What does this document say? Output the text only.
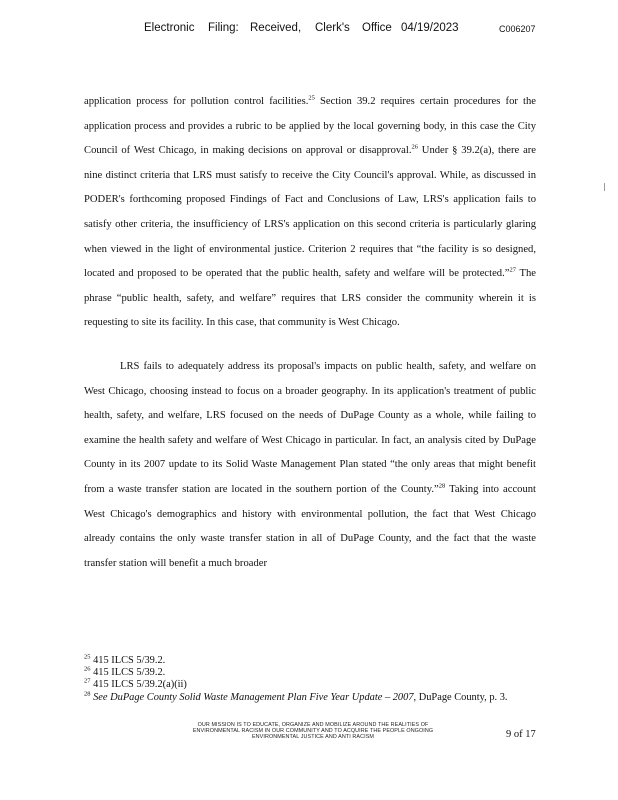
Electronic Filing: Received, Clerk's Office 04/19/2023	C006207

application process for pollution control facilities.$^{25}$ Section 39.2 requires certain procedures for the application process and provides a rubric to be applied by the local governing body, in this case the City Council of West Chicago, in making decisions on approval or disapproval.$^{26}$ Under § 39.2(a), there are nine distinct criteria that LRS must satisfy to receive the City Council's approval. While, as discussed in PODER's forthcoming proposed Findings of Fact and Conclusions of Law, LRS's application fails to satisfy other criteria, the insufficiency of LRS's application on this second criteria is particularly glaring when viewed in the light of environmental justice. Criterion 2 requires that “the facility is so designed, located and proposed to be operated that the public health, safety and welfare will be protected.”$^{27}$ The phrase “public health, safety, and welfare” requires that LRS consider the community wherein it is requesting to site its facility. In this case, that community is West Chicago.

LRS fails to adequately address its proposal's impacts on public health, safety, and welfare on West Chicago, choosing instead to focus on a broader geography. In its application's treatment of public health, safety, and welfare, LRS focused on the needs of DuPage County as a whole, while failing to examine the health safety and welfare of West Chicago in particular. In fact, an analysis cited by DuPage County in its 2007 update to its Solid Waste Management Plan stated “the only areas that might benefit from a waste transfer station are located in the southern portion of the County.”$^{28}$ Taking into account West Chicago's demographics and history with environmental pollution, the fact that West Chicago already contains the only waste transfer station in all of DuPage County, and the fact that the waste transfer station will benefit a much broader

$^{25}$ 415 ILCS 5/39.2.
$^{26}$ 415 ILCS 5/39.2.
$^{27}$ 415 ILCS 5/39.2(a)(ii)
$^{28}$ See DuPage County Solid Waste Management Plan Five Year Update – 2007, DuPage County, p. 3.
OUR MISSION IS TO EDUCATE, ORGANIZE AND MOBILIZE AROUND THE REALITIES OF
ENVIRONMENTAL RACISM IN OUR COMMUNITY AND TO ACQUIRE THE PEOPLE ONGOING
ENVIRONMENTAL JUSTICE AND ANTI RACISM	9 of 17
